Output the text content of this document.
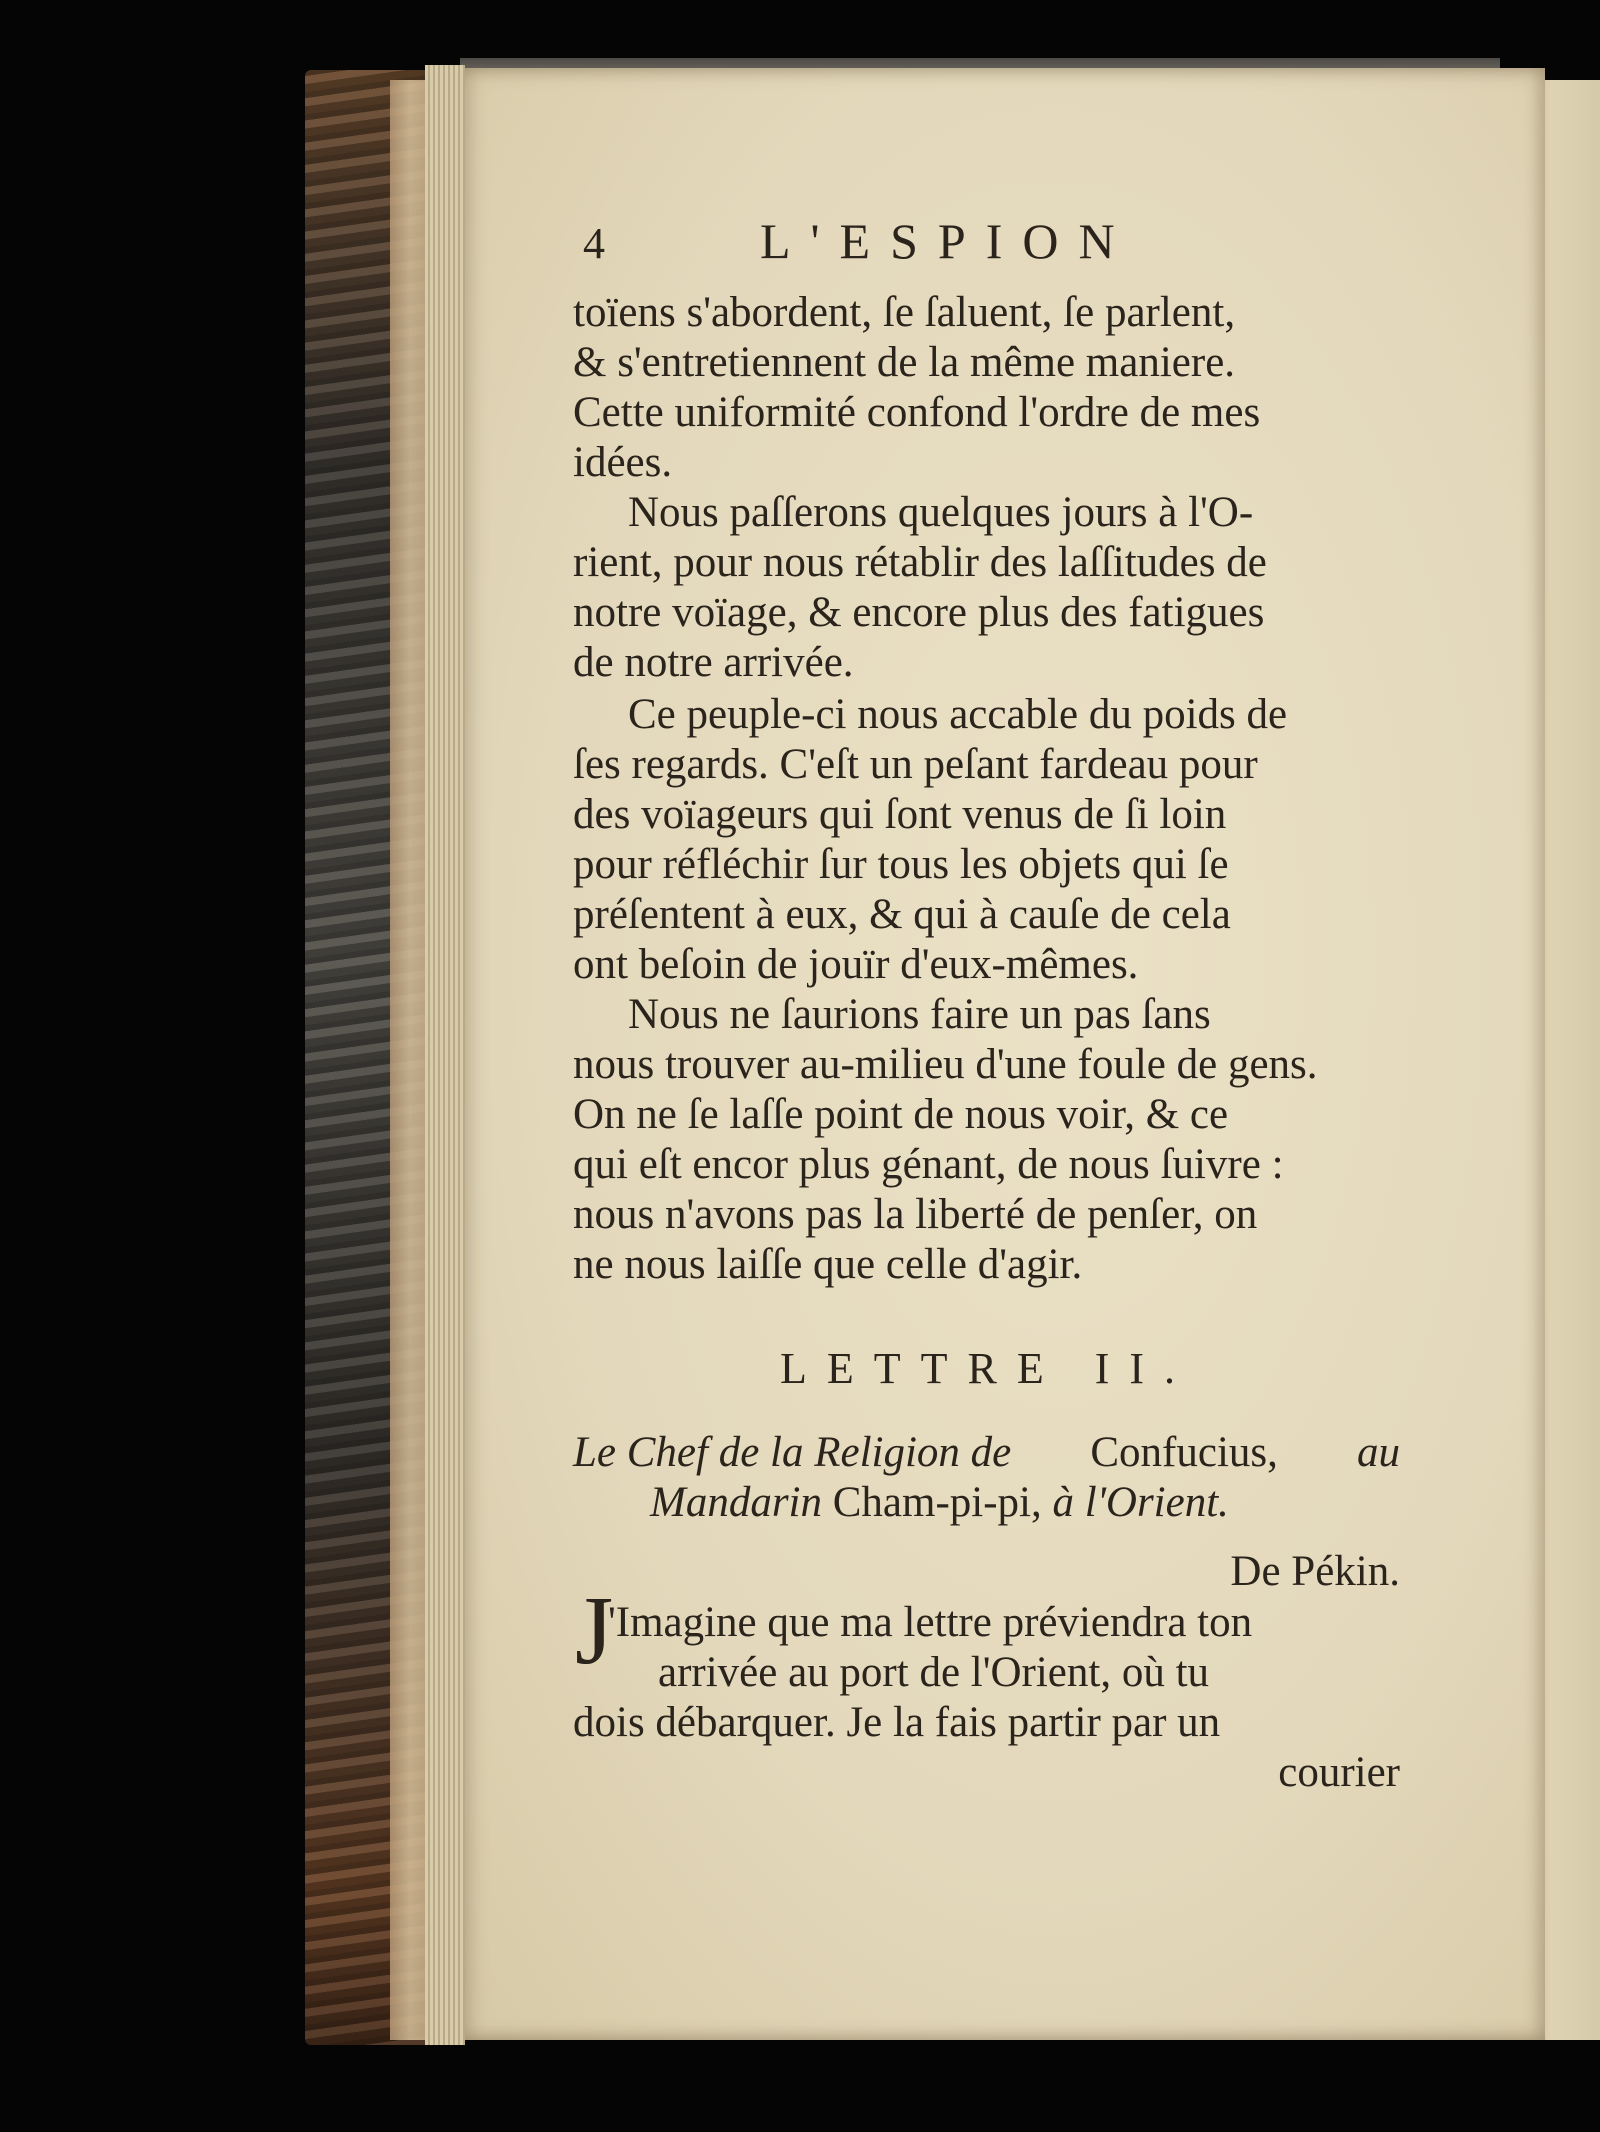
4	L'ESPION
toïens s'abordent, ſe ſaluent, ſe parlent,
& s'entretiennent de la même maniere.
Cette uniformité confond l'ordre de mes
idées.
Nous paſſerons quelques jours à l'O-
rient, pour nous rétablir des laſſitudes de
notre voïage, & encore plus des fatigues
de notre arrivée.
Ce peuple-ci nous accable du poids de
ſes regards. C'eſt un peſant fardeau pour
des voïageurs qui ſont venus de ſi loin
pour réfléchir ſur tous les objets qui ſe
préſentent à eux, & qui à cauſe de cela
ont beſoin de jouïr d'eux-mêmes.
Nous ne ſaurions faire un pas ſans
nous trouver au-milieu d'une foule de gens.
On ne ſe laſſe point de nous voir, & ce
qui eſt encor plus génant, de nous ſuivre :
nous n'avons pas la liberté de penſer, on
ne nous laiſſe que celle d'agir.
LETTRE II.
Le Chef de la Religion de Confucius, au
Mandarin Cham-pi-pi, à l'Orient.
De Pékin.
J
'Imagine que ma lettre préviendra ton
arrivée au port de l'Orient, où tu
dois débarquer. Je la fais partir par un
courier
